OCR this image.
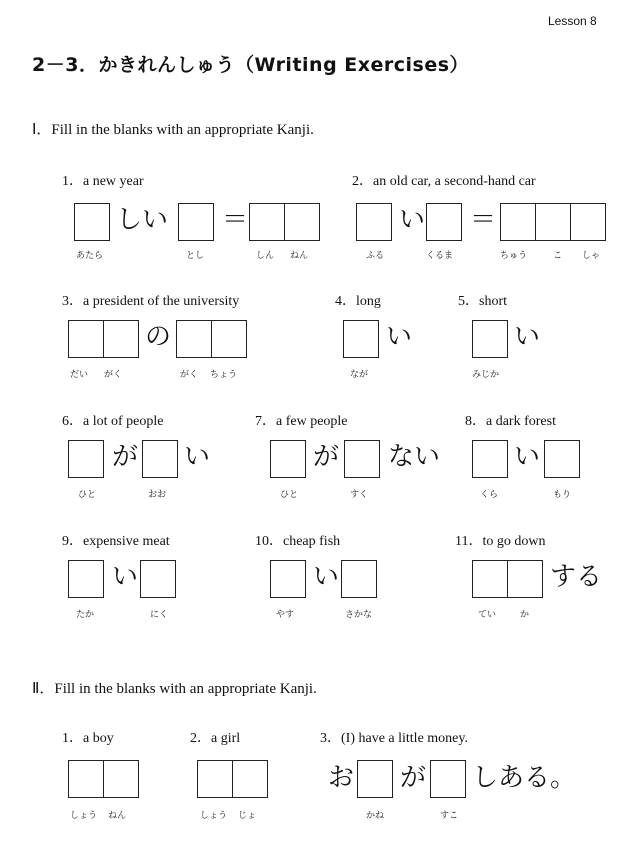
Lesson 8
2－3．かきれんしゅう（Writing Exercises）
Ⅰ．Fill in the blanks with an appropriate Kanji.
1．a new year
しい ＝
あたら	とし	しん ねん
2．an old car, a second-hand car
い ＝
ふる	くるま	ちゅう	こ しゃ
3．a president of the university
の
だい がく	がく ちょう
4．long
い
なが
5．short
い
みじか
6．a lot of people
が い
ひと	おお
7．a few people
が ない
ひと	すく
8．a dark forest
い
くら	もり
9．expensive meat
い
たか	にく
10．cheap fish
い
やす	さかな
11．to go down
する
てい	か
Ⅱ．Fill in the blanks with an appropriate Kanji.
1．a boy
しょう ねん
2．a girl
しょう じょ
3．(I) have a little money.
お が しある。
かね	すこ
